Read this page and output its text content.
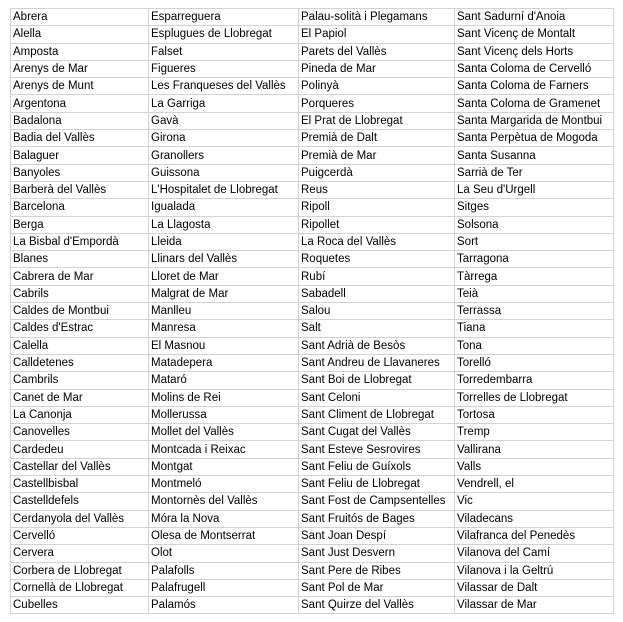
Abrera	Esparreguera	Palau-solità i Plegamans	Sant Sadurní d'Anoia
Alella	Esplugues de Llobregat	El Papiol	Sant Vicenç de Montalt
Amposta	Falset	Parets del Vallès	Sant Vicenç dels Horts
Arenys de Mar	Figueres	Pineda de Mar	Santa Coloma de Cervelló
Arenys de Munt	Les Franqueses del Vallès	Polinyà	Santa Coloma de Farners
Argentona	La Garriga	Porqueres	Santa Coloma de Gramenet
Badalona	Gavà	El Prat de Llobregat	Santa Margarida de Montbui
Badia del Vallès	Girona	Premià de Dalt	Santa Perpètua de Mogoda
Balaguer	Granollers	Premià de Mar	Santa Susanna
Banyoles	Guissona	Puigcerdà	Sarrià de Ter
Barberà del Vallès	L'Hospitalet de Llobregat	Reus	La Seu d'Urgell
Barcelona	Igualada	Ripoll	Sitges
Berga	La Llagosta	Ripollet	Solsona
La Bisbal d'Empordà	Lleida	La Roca del Vallès	Sort
Blanes	Llinars del Vallès	Roquetes	Tarragona
Cabrera de Mar	Lloret de Mar	Rubí	Tàrrega
Cabrils	Malgrat de Mar	Sabadell	Teià
Caldes de Montbui	Manlleu	Salou	Terrassa
Caldes d'Estrac	Manresa	Salt	Tiana
Calella	El Masnou	Sant Adrià de Besòs	Tona
Calldetenes	Matadepera	Sant Andreu de Llavaneres	Torelló
Cambrils	Mataró	Sant Boi de Llobregat	Torredembarra
Canet de Mar	Molins de Rei	Sant Celoni	Torrelles de Llobregat
La Canonja	Mollerussa	Sant Climent de Llobregat	Tortosa
Canovelles	Mollet del Vallès	Sant Cugat del Vallès	Tremp
Cardedeu	Montcada i Reixac	Sant Esteve Sesrovires	Vallirana
Castellar del Vallès	Montgat	Sant Feliu de Guíxols	Valls
Castellbisbal	Montmeló	Sant Feliu de Llobregat	Vendrell, el
Castelldefels	Montornès del Vallès	Sant Fost de Campsentelles	Vic
Cerdanyola del Vallès	Móra la Nova	Sant Fruitós de Bages	Viladecans
Cervelló	Olesa de Montserrat	Sant Joan Despí	Vilafranca del Penedès
Cervera	Olot	Sant Just Desvern	Vilanova del Camí
Corbera de Llobregat	Palafolls	Sant Pere de Ribes	Vilanova i la Geltrú
Cornellà de Llobregat	Palafrugell	Sant Pol de Mar	Vilassar de Dalt
Cubelles	Palamós	Sant Quirze del Vallès	Vilassar de Mar
